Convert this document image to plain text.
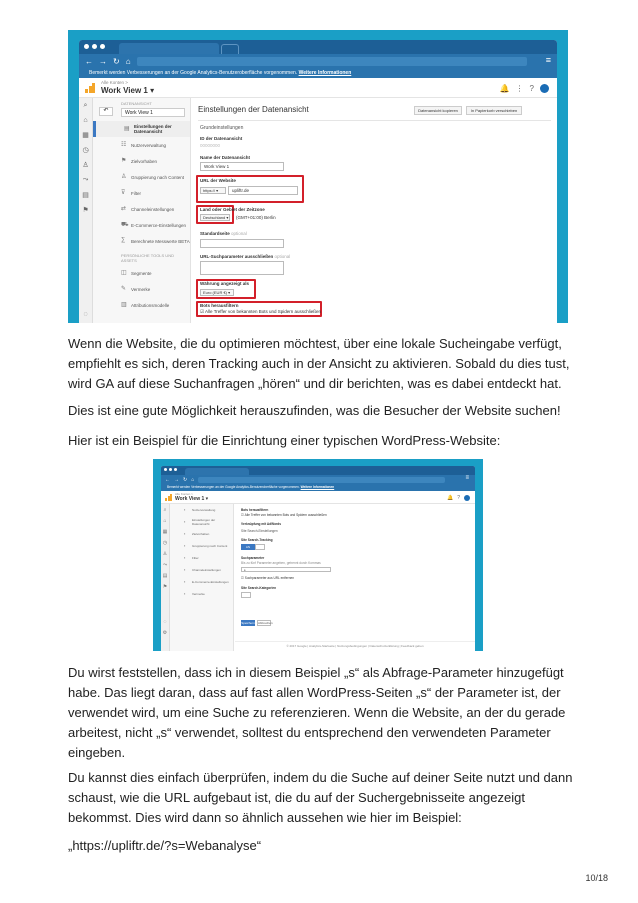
← → ↻ ⌂	≡
Bemerkt werden Verbesserungen an der Google Analytics-Benutzeroberfläche vorgenommen. Weitere Informationen
Alle Konten >
Work View 1 ▾	🔔 ⋮ ?
⌕
⌂
▦
◷
♙
⤳
▤
⚑
◌
DATENANSICHT
↶	Work View 1
▤ Einstellungen der Datenansicht
☷ Nutzerverwaltung
⚑ Zielvorhaben
♙ Gruppierung nach Content
⊽ Filter
⇄ Channeleinstellungen
⛟ E-Commerce-Einstellungen
∑ Berechnete Messwerte BETA
PERSÖNLICHE TOOLS UND ASSETS
◫ Segmente
✎ Vermerke
▥ Attributionsmodelle
Einstellungen der Datenansicht	Datenansicht kopieren	In Papierkorb verschieben
Grundeinstellungen
ID der Datenansicht
00000000
Name der Datenansicht
Work View 1
URL der Website
https:// ▾	upliftr.de
Land oder Gebiet der Zeitzone
Deutschland ▾	(GMT+01:00) Berlin
Standardseite optional
URL-Suchparameter ausschließen optional
Währung angezeigt als
Euro (EUR €) ▾
Bots herausfiltern
☑ Alle Treffer von bekannten Bots und Spidern ausschließen

Wenn die Website, die du optimieren möchtest, über eine lokale Sucheingabe verfügt, empfiehlt es sich, deren Tracking auch in der Ansicht zu aktivieren. Sobald du dies tust, wird GA auf diese Suchanfragen „hören“ und dir berichten, was es dabei entdeckt hat.

Dies ist eine gute Möglichkeit herauszufinden, was die Besucher der Website suchen!

Hier ist ein Beispiel für die Einrichtung einer typischen WordPress-Website:

← → ↻ ⌂	≡
Bemerkt werden Verbesserungen an der Google Analytics-Benutzeroberfläche vorgenommen. Weitere Informationen
Alle Konten >
Work View 1 ▾	🔔 ?
⌕
⌂
▦
◷
♙
⤳
▤
⚑
◌
⚙
▪ Nutzerverwaltung
▪ Einstellungen der Datenansicht
▪ Zielvorhaben
▪ Gruppierung nach Content
▪ Filter
▪ Channeleinstellungen
▪ E-Commerce-Einstellungen
▪ Vermerke
Bots herausfiltern
☑ Alle Treffer von bekannten Bots und Spidern ausschließen
Verknüpfung mit AdWords
Site Search-Einstellungen
Site Search-Tracking
AN
Suchparameter
Bis zu fünf Parameter angeben, getrennt durch Kommas
s
☑ Suchparameter aus URL entfernen
Site Search-Kategorien
Speichern	Abbrechen
© 2017 Google | Analytics-Startseite | Nutzungsbedingungen | Datenschutzerklärung | Feedback geben

Du wirst feststellen, dass ich in diesem Beispiel „s“ als Abfrage-Parameter hinzugefügt habe. Das liegt daran, dass auf fast allen WordPress-Seiten „s“ der Parameter ist, der verwendet wird, um eine Suche zu referenzieren. Wenn die Website, an der du gerade arbeitest, nicht „s“ verwendet, solltest du entsprechend den verwendeten Parameter eingeben.

Du kannst dies einfach überprüfen, indem du die Suche auf deiner Seite nutzt und dann schaust, wie die URL aufgebaut ist, die du auf der Suchergebnisseite angezeigt bekommst. Dies wird dann so ähnlich aussehen wie hier im Beispiel:

„https://upliftr.de/?s=Webanalyse“

10/18
